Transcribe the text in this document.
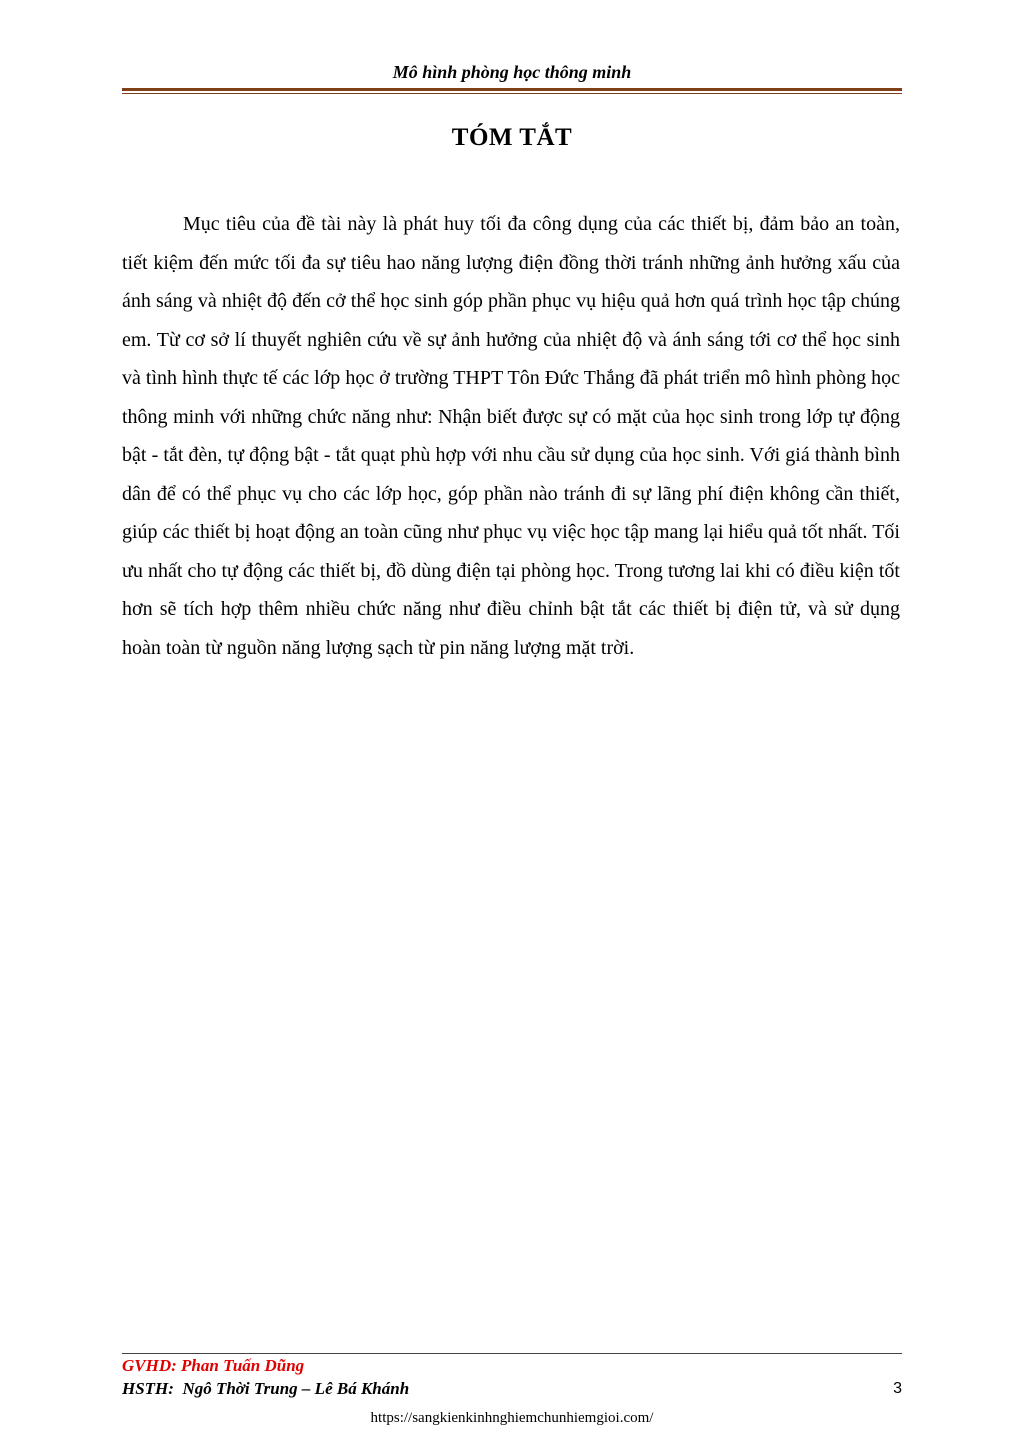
Mô hình phòng học thông minh
TÓM TẮT

Mục tiêu của đề tài này là phát huy tối đa công dụng của các thiết bị, đảm bảo an toàn, tiết kiệm đến mức tối đa sự tiêu hao năng lượng điện đồng thời tránh những ảnh hưởng xấu của ánh sáng và nhiệt độ đến cở thể học sinh góp phần phục vụ hiệu quả hơn quá trình học tập chúng em. Từ cơ sở lí thuyết nghiên cứu về sự ảnh hưởng của nhiệt độ và ánh sáng tới cơ thể học sinh và tình hình thực tế các lớp học ở trường THPT Tôn Đức Thắng đã phát triển mô hình phòng học thông minh với những chức năng như: Nhận biết được sự có mặt của học sinh trong lớp tự động bật - tắt đèn, tự động bật - tắt quạt phù hợp với nhu cầu sử dụng của học sinh. Với giá thành bình dân để có thể phục vụ cho các lớp học, góp phần nào tránh đi sự lãng phí điện không cần thiết, giúp các thiết bị hoạt động an toàn cũng như phục vụ việc học tập mang lại hiểu quả tốt nhất. Tối ưu nhất cho tự động các thiết bị, đồ dùng điện tại phòng học. Trong tương lai khi có điều kiện tốt hơn sẽ tích hợp thêm nhiều chức năng như điều chỉnh bật tắt các thiết bị điện tử, và sử dụng hoàn toàn từ nguồn năng lượng sạch từ pin năng lượng mặt trời.

GVHD: Phan Tuấn Dũng
HSTH:  Ngô Thời Trung – Lê Bá Khánh	3
https://sangkienkinhnghiemchunhiemgioi.com/
